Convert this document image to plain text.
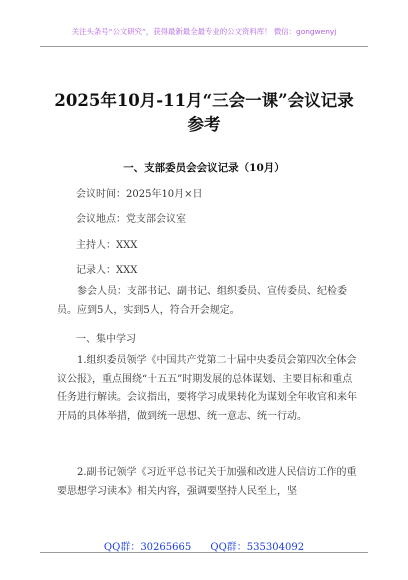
关注头条号“公文研究”，获得最新最全最专业的公文资料库！ 微信：gongwenyj
2025年10月-11月“三会一课”会议记录
参考
一、支部委员会会议记录（10月）
会议时间：2025年10月×日
会议地点：党支部会议室
主持人：XXX
记录人：XXX

参会人员：支部书记、副书记、组织委员、宣传委员、纪检委员。应到5人，实到5人，符合开会规定。

一、集中学习

1.组织委员领学《中国共产党第二十届中央委员会第四次全体会议公报》，重点围绕“十五五”时期发展的总体谋划、主要目标和重点任务进行解读。会议指出，要将学习成果转化为谋划全年收官和来年开局的具体举措，做到统一思想、统一意志、统一行动。

2.副书记领学《习近平总书记关于加强和改进人民信访工作的重要思想学习读本》相关内容，强调要坚持人民至上，坚

QQ群：30265665 QQ群：535304092
